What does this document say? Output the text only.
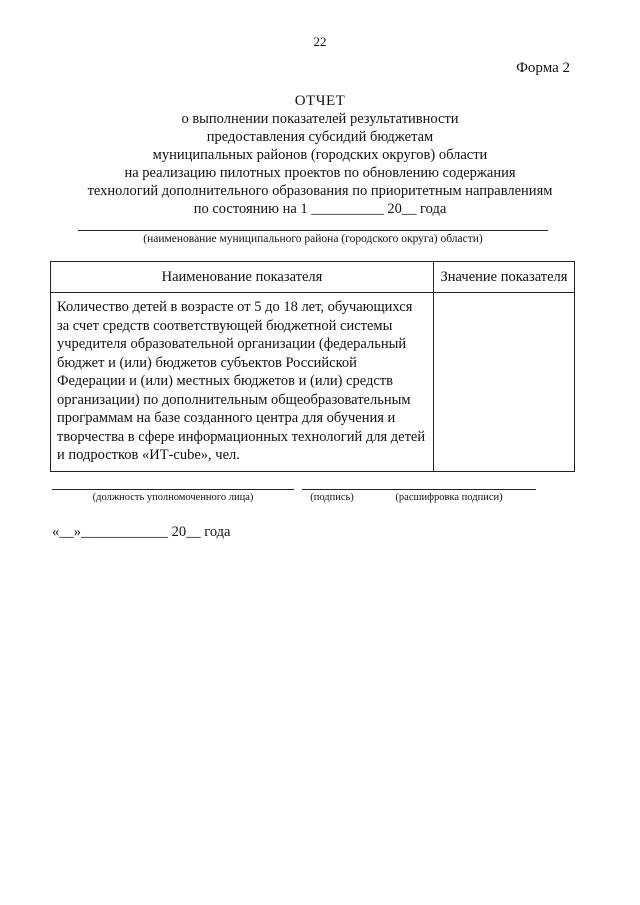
22
Форма 2
ОТЧЕТ
о выполнении показателей результативности
предоставления субсидий бюджетам
муниципальных районов (городских округов) области
на реализацию пилотных проектов по обновлению содержания
технологий дополнительного образования по приоритетным направлениям
по состоянию на 1 __________ 20__ года
(наименование муниципального района (городского округа) области)
Наименование показателя	Значение показателя
Количество детей в возрасте от 5 до 18 лет, обучающихся за счет средств соответствующей бюджетной системы учредителя образовательной организации (федеральный бюджет и (или) бюджетов субъектов Российской Федерации и (или) местных бюджетов и (или) средств организации) по дополнительным общеобразовательным программам на базе созданного центра для обучения и творчества в сфере информационных технологий для детей и подростков «ИТ-cube», чел.	
(должность уполномоченного лица)	(подпись)	(расшифровка подписи)
«__»____________ 20__ года
